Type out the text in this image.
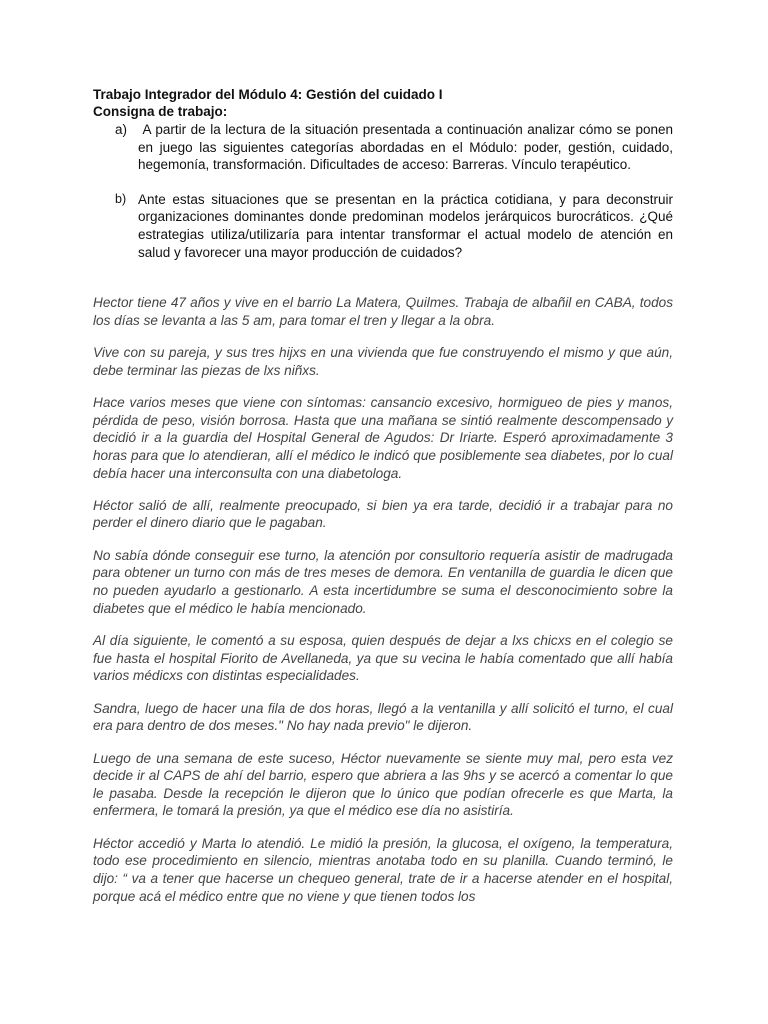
Trabajo Integrador del Módulo 4: Gestión del cuidado I

Consigna de trabajo:

a) A partir de la lectura de la situación presentada a continuación analizar cómo se ponen en juego las siguientes categorías abordadas en el Módulo: poder, gestión, cuidado, hegemonía, transformación. Dificultades de acceso: Barreras. Vínculo terapéutico.
b) Ante estas situaciones que se presentan en la práctica cotidiana, y para deconstruir organizaciones dominantes donde predominan modelos jerárquicos burocráticos. ¿Qué estrategias utiliza/utilizaría para intentar transformar el actual modelo de atención en salud y favorecer una mayor producción de cuidados?

Hector tiene 47 años y vive en el barrio La Matera, Quilmes. Trabaja de albañil en CABA, todos los días se levanta a las 5 am, para tomar el tren y llegar a la obra.

Vive con su pareja, y sus tres hijxs en una vivienda que fue construyendo el mismo y que aún, debe terminar las piezas de lxs niñxs.

Hace varios meses que viene con síntomas: cansancio excesivo, hormigueo de pies y manos, pérdida de peso, visión borrosa. Hasta que una mañana se sintió realmente descompensado y decidió ir a la guardia del Hospital General de Agudos: Dr Iriarte. Esperó aproximadamente 3 horas para que lo atendieran, allí el médico le indicó que posiblemente sea diabetes, por lo cual debía hacer una interconsulta con una diabetologa.

Héctor salió de allí, realmente preocupado, si bien ya era tarde, decidió ir a trabajar para no perder el dinero diario que le pagaban.

No sabía dónde conseguir ese turno, la atención por consultorio requería asistir de madrugada para obtener un turno con más de tres meses de demora. En ventanilla de guardia le dicen que no pueden ayudarlo a gestionarlo. A esta incertidumbre se suma el desconocimiento sobre la diabetes que el médico le había mencionado.

Al día siguiente, le comentó a su esposa, quien después de dejar a lxs chicxs en el colegio se fue hasta el hospital Fiorito de Avellaneda, ya que su vecina le había comentado que allí había varios médicxs con distintas especialidades.

Sandra, luego de hacer una fila de dos horas, llegó a la ventanilla y allí solicitó el turno, el cual era para dentro de dos meses." No hay nada previo" le dijeron.

Luego de una semana de este suceso, Héctor nuevamente se siente muy mal, pero esta vez decide ir al CAPS de ahí del barrio, espero que abriera a las 9hs y se acercó a comentar lo que le pasaba. Desde la recepción le dijeron que lo único que podían ofrecerle es que Marta, la enfermera, le tomará la presión, ya que el médico ese día no asistiría.

Héctor accedió y Marta lo atendió. Le midió la presión, la glucosa, el oxígeno, la temperatura, todo ese procedimiento en silencio, mientras anotaba todo en su planilla. Cuando terminó, le dijo: “ va a tener que hacerse un chequeo general, trate de ir a hacerse atender en el hospital, porque acá el médico entre que no viene y que tienen todos los
